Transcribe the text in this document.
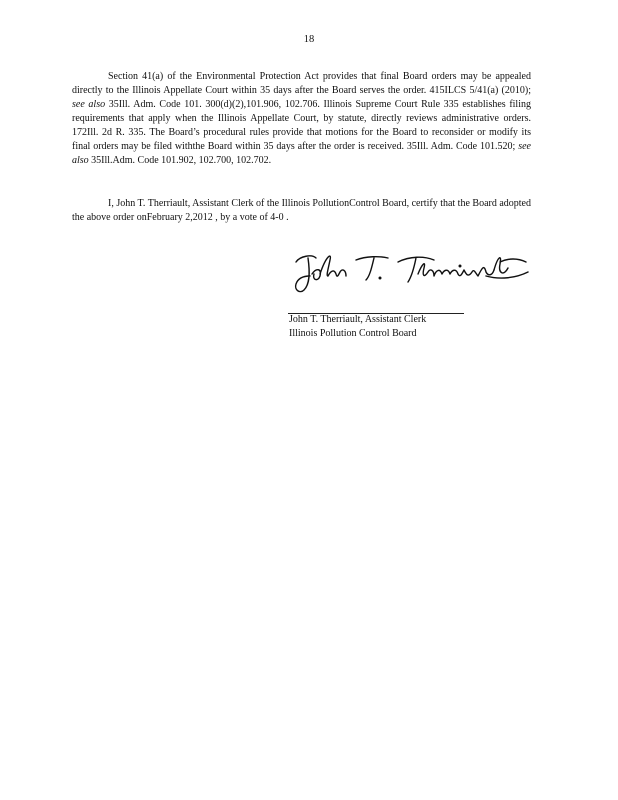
18

Section 41(a) of the Environmental Protection Act provides that final Board orders may be appealed directly to the Illinois Appellate Court within 35 days after the Board serves the order. 415ILCS 5/41(a) (2010); see also 35Ill. Adm. Code 101. 300(d)(2),101.906, 102.706. Illinois Supreme Court Rule 335 establishes filing requirements that apply when the Illinois Appellate Court, by statute, directly reviews administrative orders. 172Ill. 2d R. 335. The Board’s procedural rules provide that motions for the Board to reconsider or modify its final orders may be filed withthe Board within 35 days after the order is received. 35Ill. Adm. Code 101.520; see also 35Ill.Adm. Code 101.902, 102.700, 102.702.

I, John T. Therriault, Assistant Clerk of the Illinois PollutionControl Board, certify that the Board adopted the above order onFebruary 2,2012 , by a vote of 4-0 .

John T. Therriault, Assistant Clerk
Illinois Pollution Control Board
